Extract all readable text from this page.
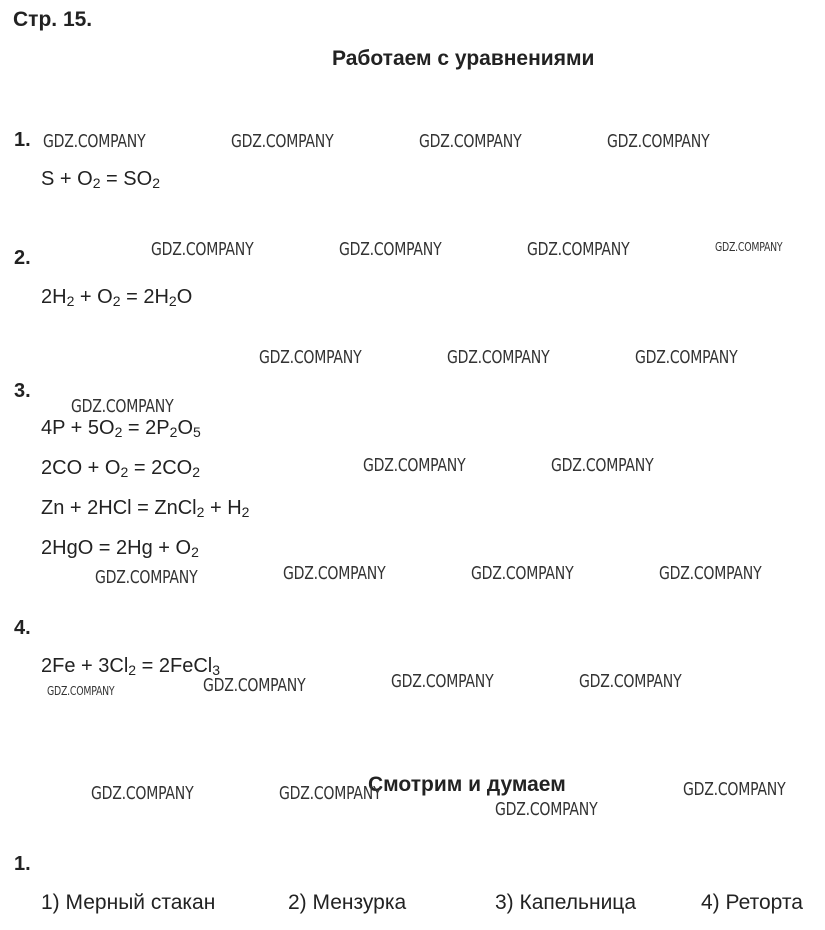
Стр. 15.
Работаем с уравнениями
1.
$S + O_2 = SO_2$
2.
$2H_2 + O_2 = 2H_2O$
3.
$4P + 5O_2 = 2P_2O_5$
$2CO + O_2 = 2CO_2$
Zn + 2HCl = ZnCl$_2$ + $H_2$
$2HgO = 2Hg + O_2$
4.
$2Fe + 3Cl_2$ = 2FeCl$_3$
Смотрим и думаем
1.
1) Мерный стакан	2) Мензурка	3) Капельница	4) Реторта
GDZ.COMPANY	GDZ.COMPANY	GDZ.COMPANY	GDZ.COMPANY
GDZ.COMPANY	GDZ.COMPANY	GDZ.COMPANY	GDZ.COMPANY
GDZ.COMPANY	GDZ.COMPANY	GDZ.COMPANY
GDZ.COMPANY
GDZ.COMPANY	GDZ.COMPANY
GDZ.COMPANY	GDZ.COMPANY	GDZ.COMPANY	GDZ.COMPANY
GDZ.COMPANY	GDZ.COMPANY	GDZ.COMPANY	GDZ.COMPANY
GDZ.COMPANY	GDZ.COMPANY
GDZ.COMPANY
GDZ.COMPANY
